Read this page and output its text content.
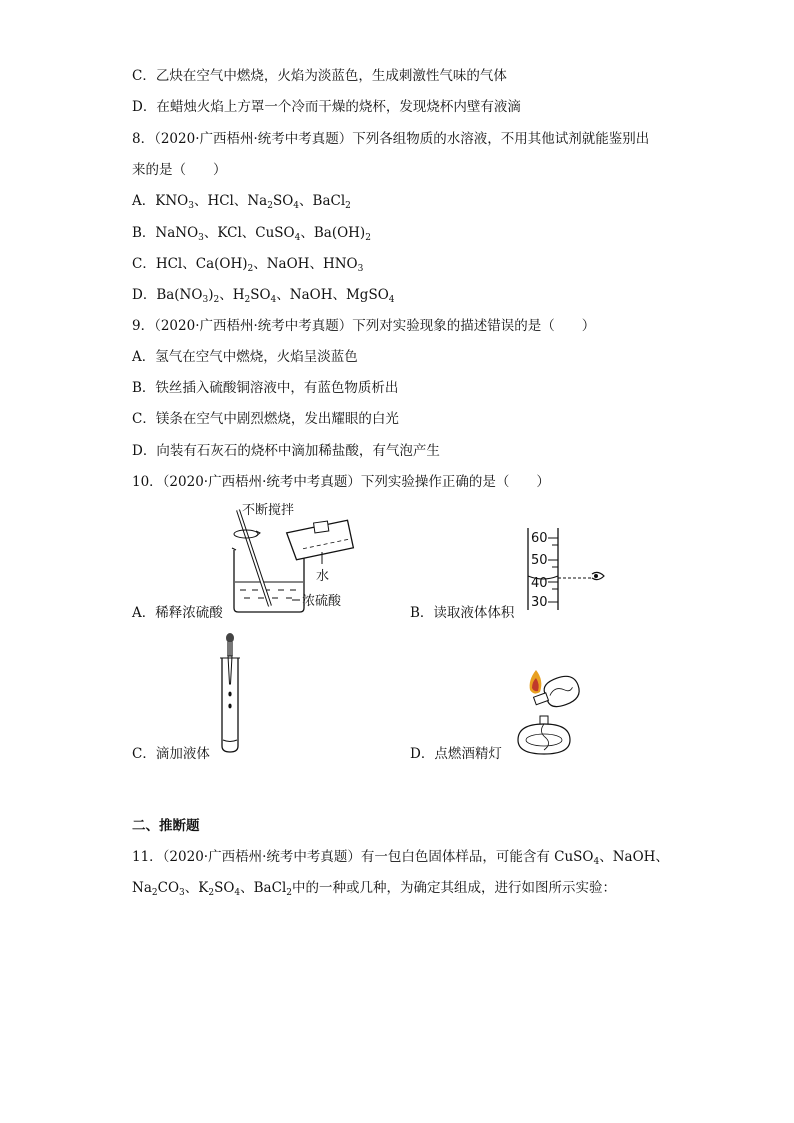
C．乙炔在空气中燃烧，火焰为淡蓝色，生成刺激性气味的气体
D．在蜡烛火焰上方罩一个冷而干燥的烧杯，发现烧杯内壁有液滴
8．（2020·广西梧州·统考中考真题）下列各组物质的水溶液，不用其他试剂就能鉴别出
来的是（　　）
A．$KNO_3$、HCl、$Na_2SO_4$、BaCl$_2$
B．NaNO$_3$、KCl、CuSO$_4$、$Ba(OH)_2$
C．HCl、$Ca(OH)_2$、NaOH、$HNO_3$
D．$Ba(NO_3)_2$、$H_2SO_4$、NaOH、MgSO$_4$
9．（2020·广西梧州·统考中考真题）下列对实验现象的描述错误的是（　　）
A．氢气在空气中燃烧，火焰呈淡蓝色
B．铁丝插入硫酸铜溶液中，有蓝色物质析出
C．镁条在空气中剧烈燃烧，发出耀眼的白光
D．向装有石灰石的烧杯中滴加稀盐酸，有气泡产生
10．（2020·广西梧州·统考中考真题）下列实验操作正确的是（　　）
不断搅拌
水
浓硫酸
A．稀释浓硫酸
60
50
40
30
B．读取液体体积
C．滴加液体	D．点燃酒精灯
二、推断题
11．（2020·广西梧州·统考中考真题）有一包白色固体样品，可能含有 CuSO$_4$、NaOH、
$Na_2CO_3$、$K_2SO_4$、BaCl$_2$中的一种或几种，为确定其组成，进行如图所示实验：
